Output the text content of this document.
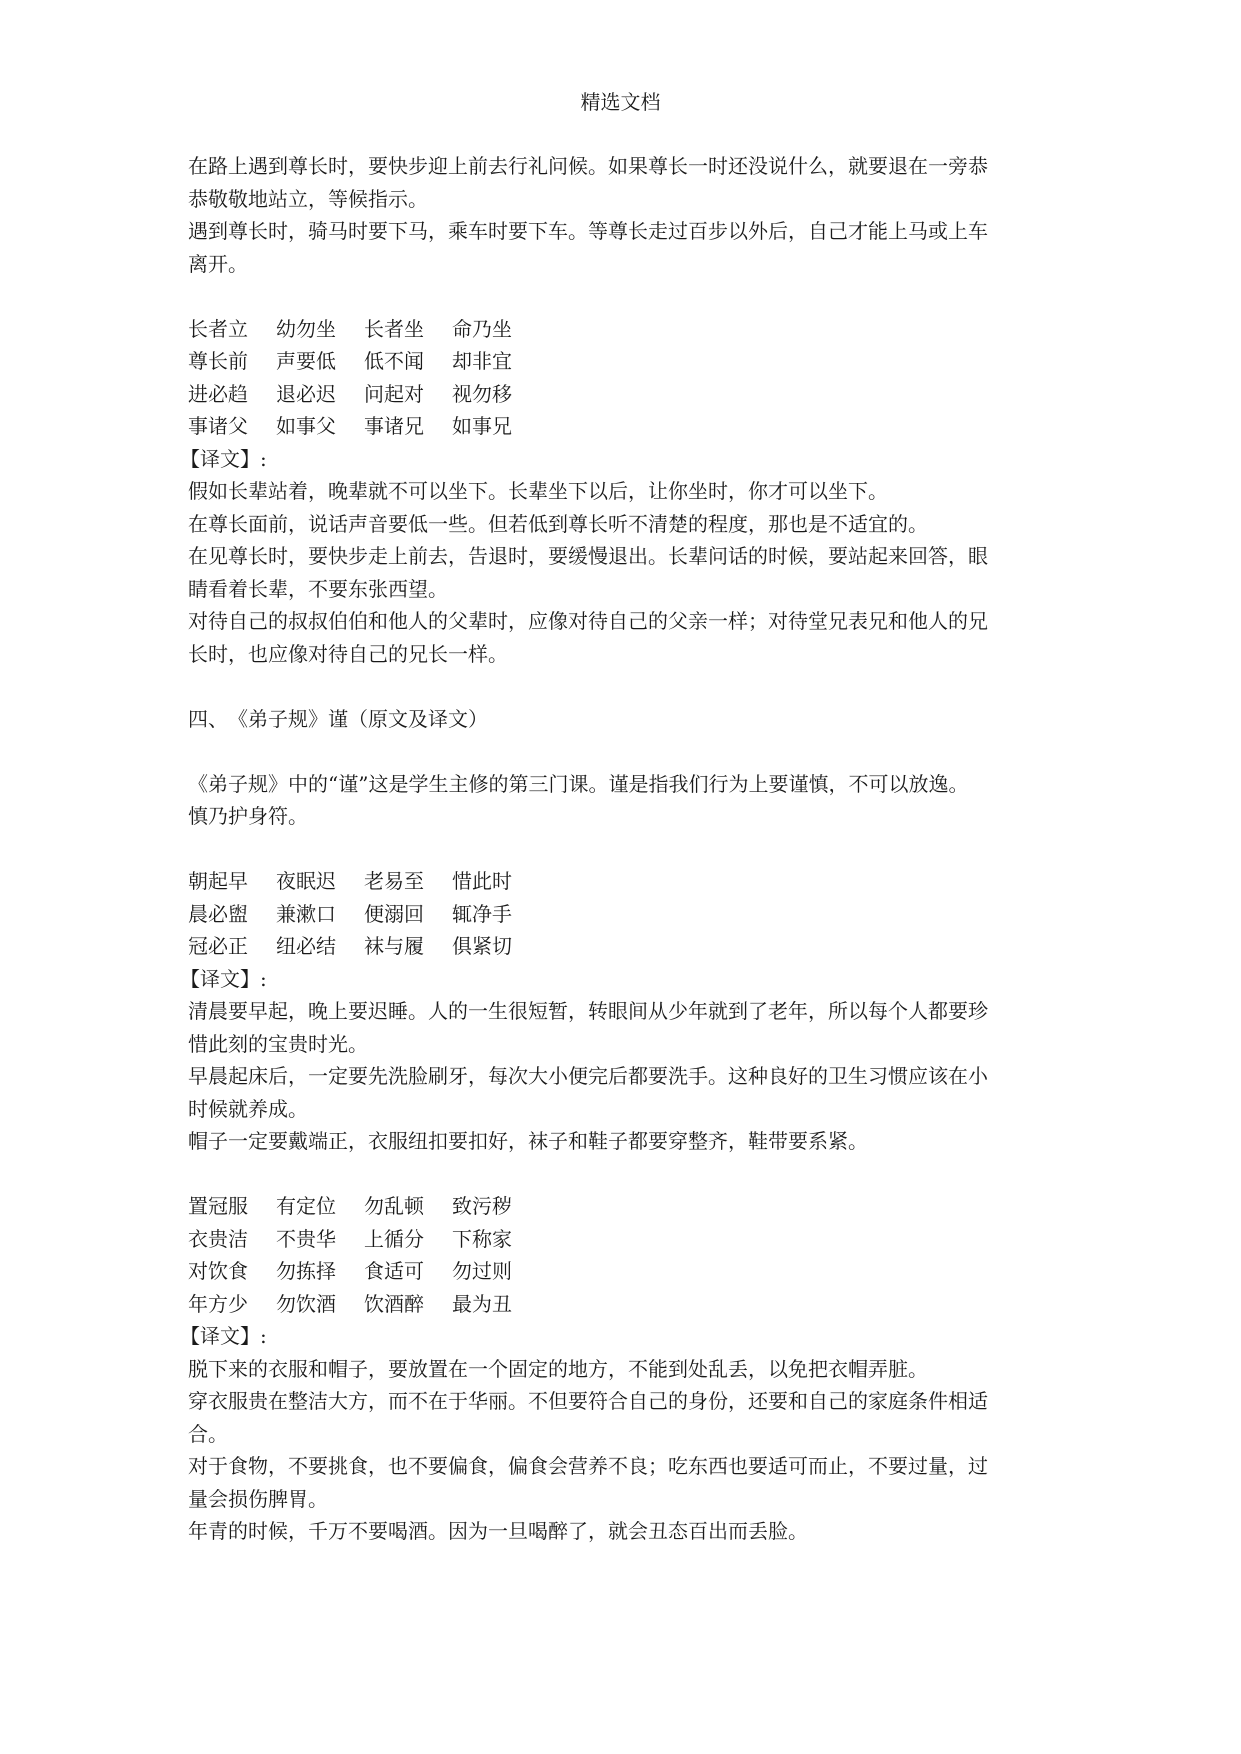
精选文档
在路上遇到尊长时，要快步迎上前去行礼问候。如果尊长一时还没说什么，就要退在一旁恭
恭敬敬地站立，等候指示。
遇到尊长时，骑马时要下马，乘车时要下车。等尊长走过百步以外后，自己才能上马或上车
离开。
长者立 幼勿坐 长者坐 命乃坐
尊长前 声要低 低不闻 却非宜
进必趋 退必迟 问起对 视勿移
事诸父 如事父 事诸兄 如事兄
【译文】:
假如长辈站着，晚辈就不可以坐下。长辈坐下以后，让你坐时，你才可以坐下。
在尊长面前，说话声音要低一些。但若低到尊长听不清楚的程度，那也是不适宜的。
在见尊长时，要快步走上前去，告退时，要缓慢退出。长辈问话的时候，要站起来回答，眼
睛看着长辈，不要东张西望。
对待自己的叔叔伯伯和他人的父辈时，应像对待自己的父亲一样；对待堂兄表兄和他人的兄
长时，也应像对待自己的兄长一样。
四、　《弟子规》谨（原文及译文）
《弟子规》中的“谨”这是学生主修的第三门课。谨是指我们行为上要谨慎，不可以放逸。
慎乃护身符。
朝起早 夜眠迟 老易至 惜此时
晨必盥 兼漱口 便溺回 辄净手
冠必正 纽必结 袜与履 俱紧切
【译文】:
清晨要早起，晚上要迟睡。人的一生很短暂，转眼间从少年就到了老年，所以每个人都要珍
惜此刻的宝贵时光。
早晨起床后，一定要先洗脸刷牙，每次大小便完后都要洗手。这种良好的卫生习惯应该在小
时候就养成。
帽子一定要戴端正，衣服纽扣要扣好，袜子和鞋子都要穿整齐，鞋带要系紧。
置冠服 有定位 勿乱顿 致污秽
衣贵洁 不贵华 上循分 下称家
对饮食 勿拣择 食适可 勿过则
年方少 勿饮酒 饮酒醉 最为丑
【译文】:
脱下来的衣服和帽子，要放置在一个固定的地方，不能到处乱丢，以免把衣帽弄脏。
穿衣服贵在整洁大方，而不在于华丽。不但要符合自己的身份，还要和自己的家庭条件相适
合。
对于食物，不要挑食，也不要偏食，偏食会营养不良；吃东西也要适可而止，不要过量，过
量会损伤脾胃。
年青的时候，千万不要喝酒。因为一旦喝醉了，就会丑态百出而丢脸。
